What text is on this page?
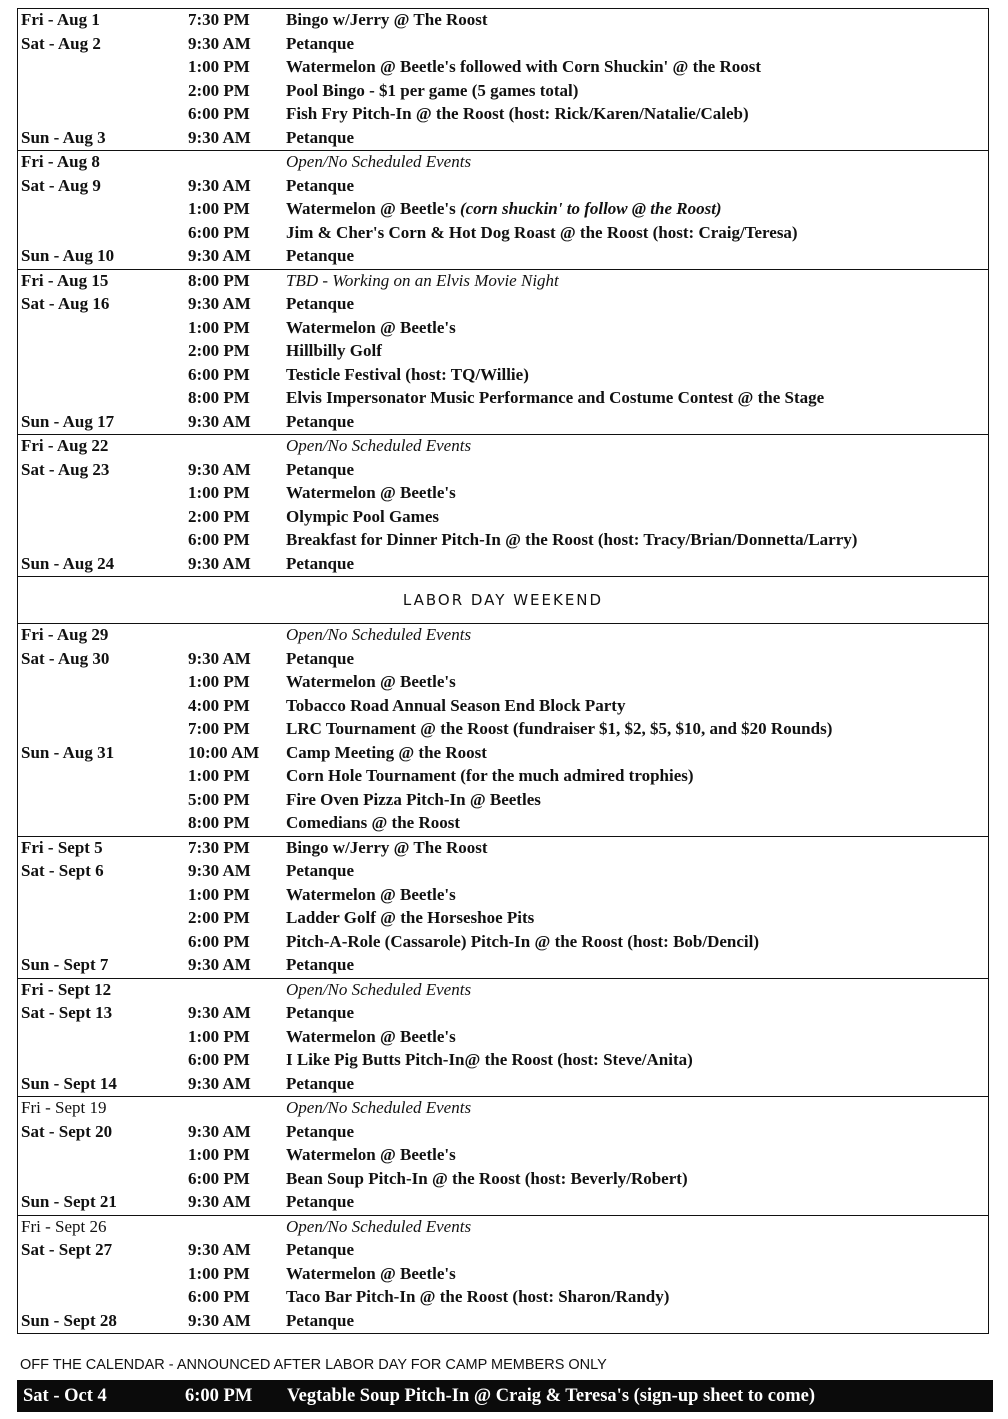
Fri - Aug 1	7:30 PM Bingo w/Jerry @ The Roost
Sat - Aug 2	9:30 AM Petanque
1:00 PM Watermelon @ Beetle's followed with Corn Shuckin' @ the Roost
2:00 PM Pool Bingo - $1 per game (5 games total)
6:00 PM Fish Fry Pitch-In @ the Roost (host: Rick/Karen/Natalie/Caleb)
Sun - Aug 3	9:30 AM Petanque
Fri - Aug 8	Open/No Scheduled Events
Sat - Aug 9	9:30 AM Petanque
1:00 PM Watermelon @ Beetle's (corn shuckin' to follow @ the Roost)
6:00 PM Jim & Cher's Corn & Hot Dog Roast @ the Roost (host: Craig/Teresa)
Sun - Aug 10	9:30 AM Petanque
Fri - Aug 15	8:00 PM TBD - Working on an Elvis Movie Night
Sat - Aug 16	9:30 AM Petanque
1:00 PM Watermelon @ Beetle's
2:00 PM Hillbilly Golf
6:00 PM Testicle Festival (host: TQ/Willie)
8:00 PM Elvis Impersonator Music Performance and Costume Contest @ the Stage
Sun - Aug 17	9:30 AM Petanque
Fri - Aug 22	Open/No Scheduled Events
Sat - Aug 23	9:30 AM Petanque
1:00 PM Watermelon @ Beetle's
2:00 PM Olympic Pool Games
6:00 PM Breakfast for Dinner Pitch-In @ the Roost (host: Tracy/Brian/Donnetta/Larry)
Sun - Aug 24	9:30 AM Petanque
LABOR DAY WEEKEND
Fri - Aug 29	Open/No Scheduled Events
Sat - Aug 30	9:30 AM Petanque
1:00 PM Watermelon @ Beetle's
4:00 PM Tobacco Road Annual Season End Block Party
7:00 PM LRC Tournament @ the Roost (fundraiser $1, $2, $5, $10, and $20 Rounds)
Sun - Aug 31	10:00 AM Camp Meeting @ the Roost
1:00 PM Corn Hole Tournament (for the much admired trophies)
5:00 PM Fire Oven Pizza Pitch-In @ Beetles
8:00 PM Comedians @ the Roost
Fri - Sept 5	7:30 PM Bingo w/Jerry @ The Roost
Sat - Sept 6	9:30 AM Petanque
1:00 PM Watermelon @ Beetle's
2:00 PM Ladder Golf @ the Horseshoe Pits
6:00 PM Pitch-A-Role (Cassarole) Pitch-In @ the Roost (host: Bob/Dencil)
Sun - Sept 7	9:30 AM Petanque
Fri - Sept 12	Open/No Scheduled Events
Sat - Sept 13	9:30 AM Petanque
1:00 PM Watermelon @ Beetle's
6:00 PM I Like Pig Butts Pitch-In@ the Roost (host: Steve/Anita)
Sun - Sept 14	9:30 AM Petanque
Fri - Sept 19	Open/No Scheduled Events
Sat - Sept 20	9:30 AM Petanque
1:00 PM Watermelon @ Beetle's
6:00 PM Bean Soup Pitch-In @ the Roost (host: Beverly/Robert)
Sun - Sept 21	9:30 AM Petanque
Fri - Sept 26	Open/No Scheduled Events
Sat - Sept 27	9:30 AM Petanque
1:00 PM Watermelon @ Beetle's
6:00 PM Taco Bar Pitch-In @ the Roost (host: Sharon/Randy)
Sun - Sept 28	9:30 AM Petanque
OFF THE CALENDAR - ANNOUNCED AFTER LABOR DAY FOR CAMP MEMBERS ONLY
Sat - Oct 4	6:00 PM Vegtable Soup Pitch-In @ Craig & Teresa's (sign-up sheet to come)
